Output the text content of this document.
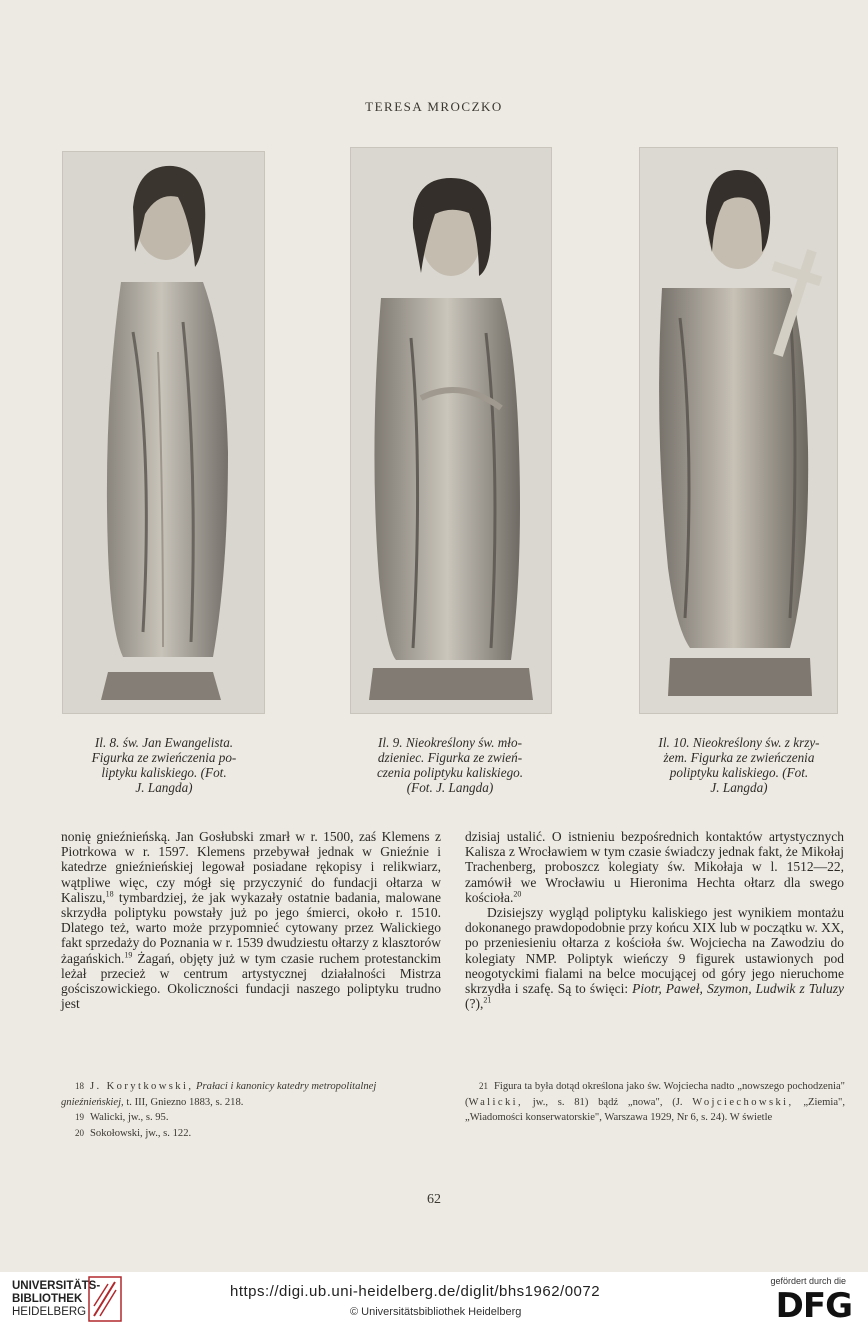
TERESA MROCZKO
Il. 8. św. Jan Ewangelista.
Figurka ze zwieńczenia po-
liptyku kaliskiego. (Fot.
J. Langda)
Il. 9. Nieokreślony św. mło-
dzieniec. Figurka ze zwień-
czenia poliptyku kaliskiego.
(Fot. J. Langda)
Il. 10. Nieokreślony św. z krzy-
żem. Figurka ze zwieńczenia
poliptyku kaliskiego. (Fot.
J. Langda)

nonię gnieźnieńską. Jan Gosłubski zmarł w r. 1500, zaś Klemens z Piotrkowa w r. 1597. Klemens przebywał jednak w Gnieźnie i katedrze gnieźnieńskiej legował posiadane rękopisy i relikwiarz, wątpliwe więc, czy mógł się przyczynić do fundacji ołtarza w Kaliszu,$^{18}$ tymbardziej, że jak wykazały ostatnie badania, malowane skrzydła poliptyku powstały już po jego śmierci, około r. 1510. Dlatego też, warto może przypomnieć cytowany przez Walickiego fakt sprzedaży do Poznania w r. 1539 dwudziestu ołtarzy z klasztorów żagańskich.$^{19}$ Żagań, objęty już w tym czasie ruchem protestanckim leżał przecież w centrum artystycznej działalności Mistrza gościszowickiego. Okoliczności fundacji naszego poliptyku trudno jest

dzisiaj ustalić. O istnieniu bezpośrednich kontaktów artystycznych Kalisza z Wrocławiem w tym czasie świadczy jednak fakt, że Mikołaj Trachenberg, proboszcz kolegiaty św. Mikołaja w l. 1512—22, zamówił we Wrocławiu u Hieronima Hechta ołtarz dla swego kościoła.$^{20}$

Dzisiejszy wygląd poliptyku kaliskiego jest wynikiem montażu dokonanego prawdopodobnie przy końcu XIX lub w początku w. XX, po przeniesieniu ołtarza z kościoła św. Wojciecha na Zawodziu do kolegiaty NMP. Poliptyk wieńczy 9 figurek ustawionych pod neogotyckimi fialami na belce mocującej od góry jego nieruchome skrzydła i szafę. Są to święci: Piotr, Paweł, Szymon, Ludwik z Tuluzy (?),$^{21}$

18 J. Korytkowski, Prałaci i kanonicy katedry metropolitalnej gnieźnieńskiej, t. III, Gniezno 1883, s. 218.

19 Walicki, jw., s. 95.

20 Sokołowski, jw., s. 122.

21 Figura ta była dotąd określona jako św. Wojciecha nadto „nowszego pochodzenia" (Walicki, jw., s. 81) bądź „nowa", (J. Wojciechowski, „Ziemia", „Wiadomości konserwatorskie", Warszawa 1929, Nr 6, s. 24). W świetle

62
UNIVERSITÄTS-
BIBLIOTHEK
HEIDELBERG
https://digi.ub.uni-heidelberg.de/diglit/bhs1962/0072
© Universitätsbibliothek Heidelberg
gefördert durch die
DFG
